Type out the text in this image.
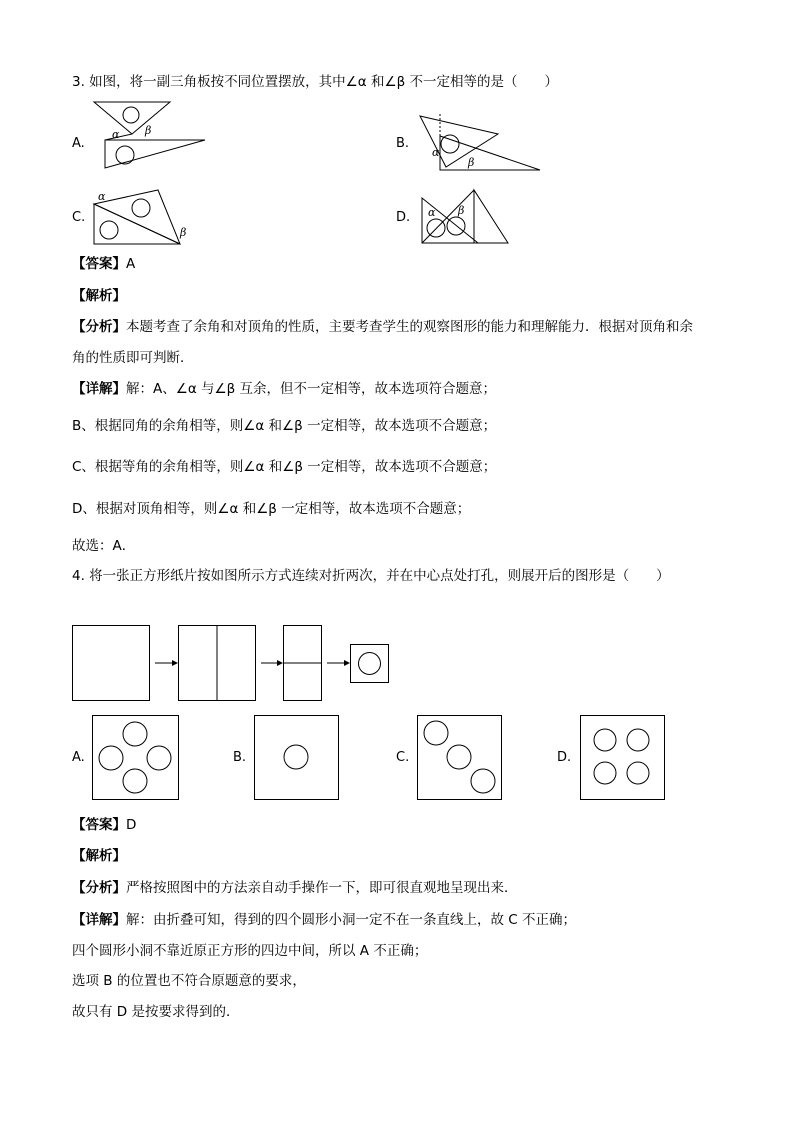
3. 如图，将一副三角板按不同位置摆放，其中∠α 和∠β 不一定相等的是（　　）
A.
α β
B.
α
β
C.
α
β
D. α β
【答案】A
【解析】
【分析】本题考查了余角和对顶角的性质，主要考查学生的观察图形的能力和理解能力．根据对顶角和余
角的性质即可判断．
【详解】解：A、∠α 与∠β 互余，但不一定相等，故本选项符合题意；
B、根据同角的余角相等，则∠α 和∠β 一定相等，故本选项不合题意；
C、根据等角的余角相等，则∠α 和∠β 一定相等，故本选项不合题意；
D、根据对顶角相等，则∠α 和∠β 一定相等，故本选项不合题意；
故选：A．
4. 将一张正方形纸片按如图所示方式连续对折两次，并在中心点处打孔，则展开后的图形是（　　）
A.	B.	C.	D.
【答案】D
【解析】
【分析】严格按照图中的方法亲自动手操作一下，即可很直观地呈现出来．
【详解】解：由折叠可知，得到的四个圆形小洞一定不在一条直线上，故 C 不正确；
四个圆形小洞不靠近原正方形的四边中间，所以 A 不正确；
选项 B 的位置也不符合原题意的要求，
故只有 D 是按要求得到的．
